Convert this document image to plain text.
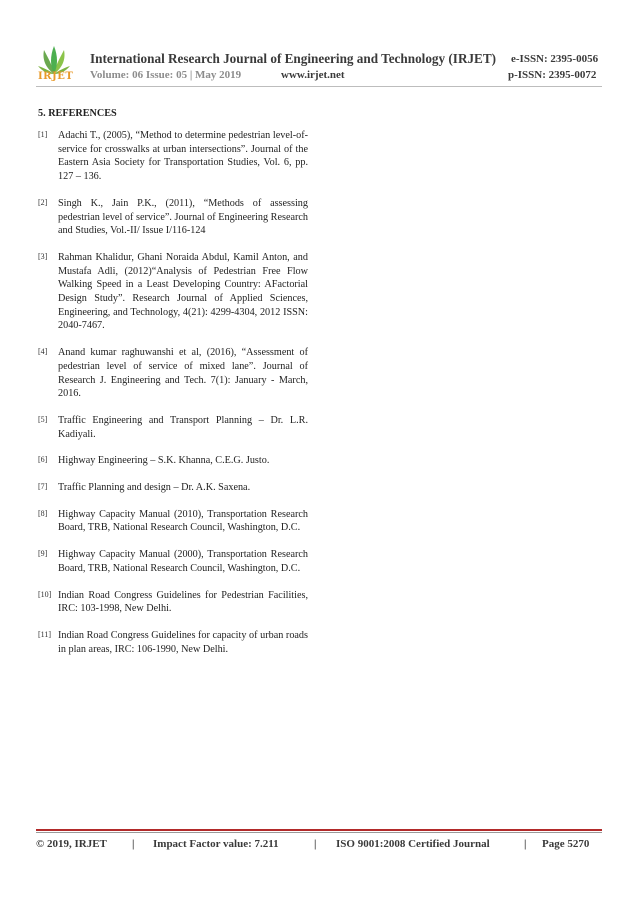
IRJET
International Research Journal of Engineering and Technology (IRJET) e-ISSN: 2395-0056
Volume: 06 Issue: 05 | May 2019	www.irjet.net	p-ISSN: 2395-0072
5. REFERENCES
[1] Adachi T., (2005), “Method to determine pedestrian level-of-service for crosswalks at urban intersections”. Journal of the Eastern Asia Society for Transportation Studies, Vol. 6, pp. 127 – 136.
[2] Singh K., Jain P.K., (2011), “Methods of assessing pedestrian level of service”. Journal of Engineering Research and Studies, Vol.-II/ Issue I/116-124
[3] Rahman Khalidur, Ghani Noraida Abdul, Kamil Anton, and Mustafa Adli, (2012)“Analysis of Pedestrian Free Flow Walking Speed in a Least Developing Country: AFactorial Design Study”. Research Journal of Applied Sciences, Engineering, and Technology, 4(21): 4299-4304, 2012 ISSN: 2040-7467.
[4] Anand kumar raghuwanshi et al, (2016), “Assessment of pedestrian level of service of mixed lane”. Journal of Research J. Engineering and Tech. 7(1): January - March, 2016.
[5] Traffic Engineering and Transport Planning – Dr. L.R. Kadiyali.
[6] Highway Engineering – S.K. Khanna, C.E.G. Justo.
[7] Traffic Planning and design – Dr. A.K. Saxena.
[8] Highway Capacity Manual (2010), Transportation Research Board, TRB, National Research Council, Washington, D.C.
[9] Highway Capacity Manual (2000), Transportation Research Board, TRB, National Research Council, Washington, D.C.
[10] Indian Road Congress Guidelines for Pedestrian Facilities, IRC: 103-1998, New Delhi.
[11] Indian Road Congress Guidelines for capacity of urban roads in plan areas, IRC: 106-1990, New Delhi.
© 2019, IRJET | Impact Factor value: 7.211	| ISO 9001:2008 Certified Journal	| Page 5270
